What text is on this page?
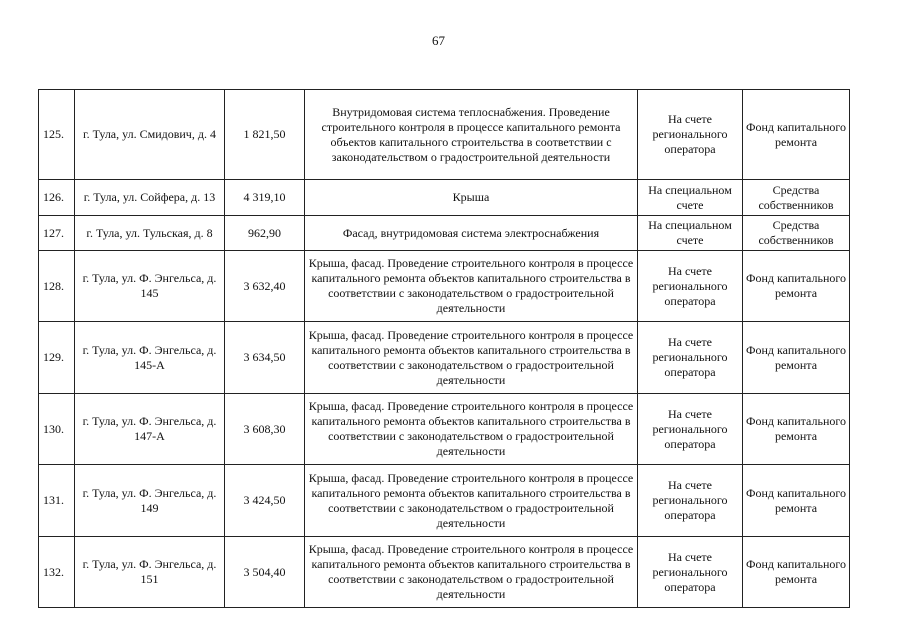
67
125.	г. Тула, ул. Смидович, д. 4	1 821,50	Внутридомовая система теплоснабжения. Проведение строительного контроля в процессе капитального ремонта объектов капитального строительства в соответствии с законодательством о градостроительной деятельности	На счете регионального оператора	Фонд капитального ремонта
126.	г. Тула, ул. Сойфера, д. 13	4 319,10	Крыша	На специальном счете	Средства собственников
127.	г. Тула, ул. Тульская, д. 8	962,90	Фасад, внутридомовая система электроснабжения	На специальном счете	Средства собственников
128.	г. Тула, ул. Ф. Энгельса, д. 145	3 632,40	Крыша, фасад. Проведение строительного контроля в процессе капитального ремонта объектов капитального строительства в соответствии с законодательством о градостроительной деятельности	На счете регионального оператора	Фонд капитального ремонта
129.	г. Тула, ул. Ф. Энгельса, д. 145-А	3 634,50	Крыша, фасад. Проведение строительного контроля в процессе капитального ремонта объектов капитального строительства в соответствии с законодательством о градостроительной деятельности	На счете регионального оператора	Фонд капитального ремонта
130.	г. Тула, ул. Ф. Энгельса, д. 147-А	3 608,30	Крыша, фасад. Проведение строительного контроля в процессе капитального ремонта объектов капитального строительства в соответствии с законодательством о градостроительной деятельности	На счете регионального оператора	Фонд капитального ремонта
131.	г. Тула, ул. Ф. Энгельса, д. 149	3 424,50	Крыша, фасад. Проведение строительного контроля в процессе капитального ремонта объектов капитального строительства в соответствии с законодательством о градостроительной деятельности	На счете регионального оператора	Фонд капитального ремонта
132.	г. Тула, ул. Ф. Энгельса, д. 151	3 504,40	Крыша, фасад. Проведение строительного контроля в процессе капитального ремонта объектов капитального строительства в соответствии с законодательством о градостроительной деятельности	На счете регионального оператора	Фонд капитального ремонта
